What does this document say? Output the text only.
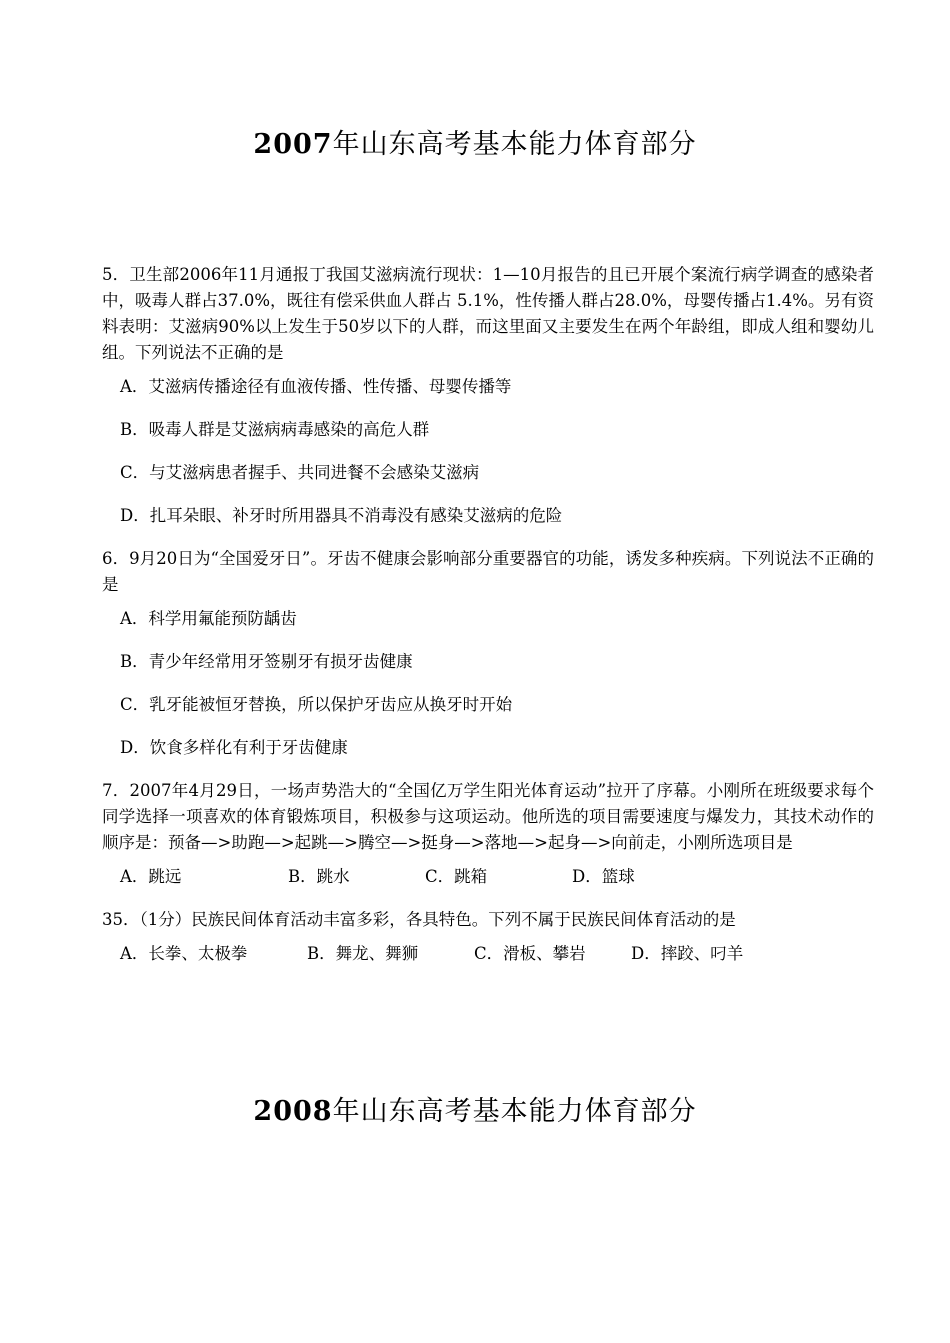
2007年山东高考基本能力体育部分

5．卫生部2006年11月通报丁我国艾滋病流行现状：1—10月报告的且已开展个案流行病学调查的感染者中，吸毒人群占37.0%，既往有偿采供血人群占 5.1%，性传播人群占28.0%，母婴传播占1.4%。另有资料表明：艾滋病90%以上发生于50岁以下的人群，而这里面又主要发生在两个年龄组，即成人组和婴幼儿组。下列说法不正确的是

A．艾滋病传播途径有血液传播、性传播、母婴传播等

B．吸毒人群是艾滋病病毒感染的高危人群

C．与艾滋病患者握手、共同进餐不会感染艾滋病

D．扎耳朵眼、补牙时所用器具不消毒没有感染艾滋病的危险

6．9月20日为“全国爱牙日”。牙齿不健康会影响部分重要器官的功能，诱发多种疾病。下列说法不正确的是

A．科学用氟能预防龋齿

B．青少年经常用牙签剔牙有损牙齿健康

C．乳牙能被恒牙替换，所以保护牙齿应从换牙时开始

D．饮食多样化有利于牙齿健康

7．2007年4月29日，一场声势浩大的“全国亿万学生阳光体育运动”拉开了序幕。小刚所在班级要求每个同学选择一项喜欢的体育锻炼项目，积极参与这项运动。他所选的项目需要速度与爆发力，其技术动作的顺序是：预备—>助跑—>起跳—>腾空—>挺身—>落地—>起身—>向前走，小刚所选项目是

A．跳远	B．跳水	C．跳箱	D．篮球

35．（1分）民族民间体育活动丰富多彩，各具特色。下列不属于民族民间体育活动的是

A．长拳、太极拳	B．舞龙、舞狮	C．滑板、攀岩	D．摔跤、叼羊
2008年山东高考基本能力体育部分
